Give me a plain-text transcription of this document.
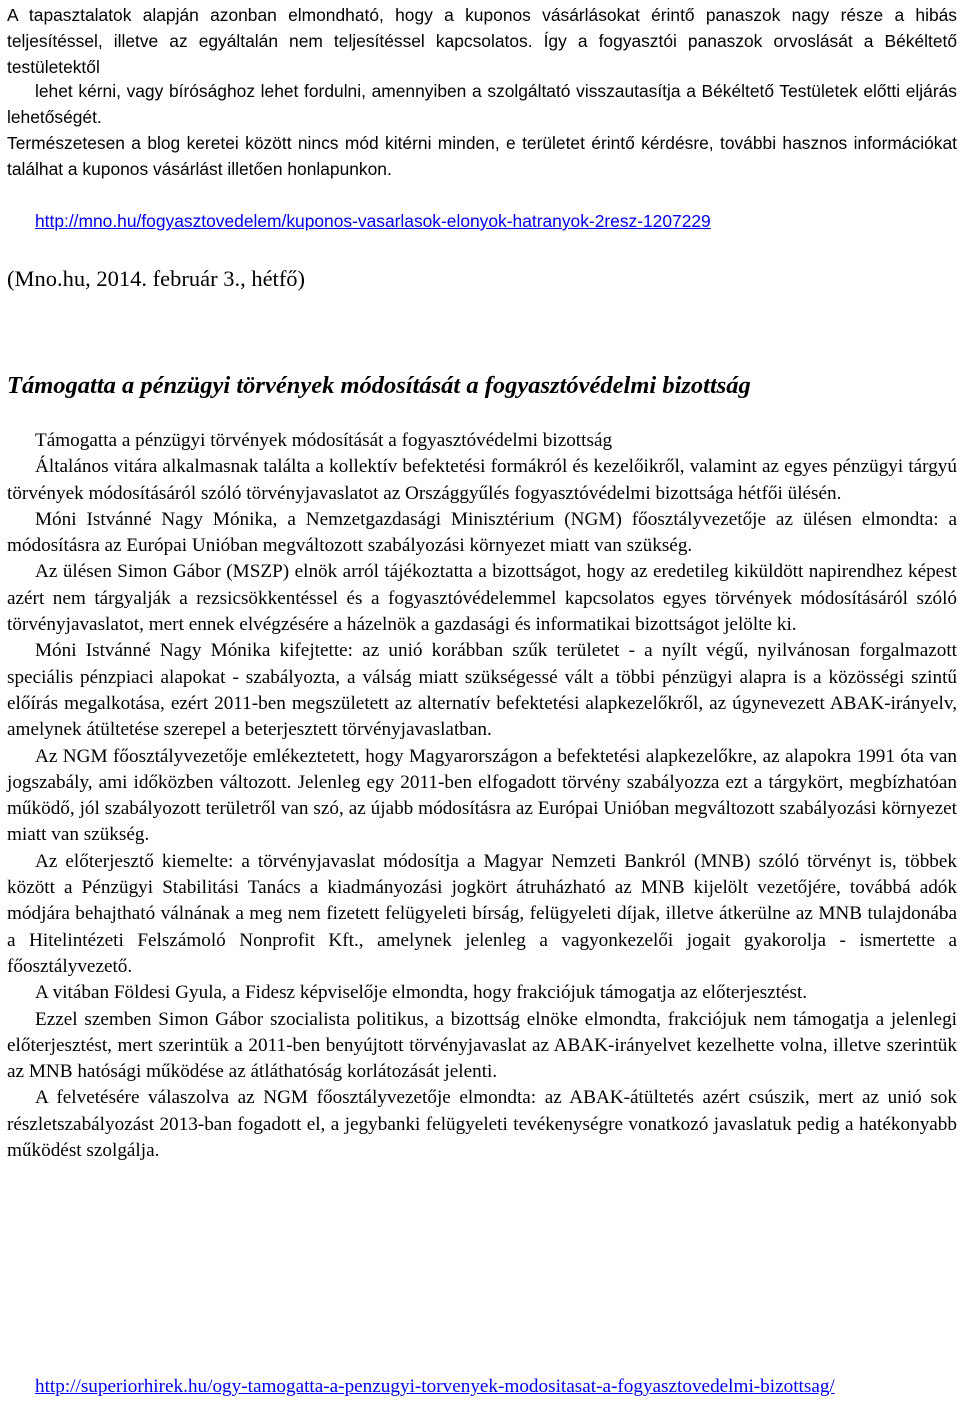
A tapasztalatok alapján azonban elmondható, hogy a kuponos vásárlásokat érintő panaszok nagy része a hibás teljesítéssel, illetve az egyáltalán nem teljesítéssel kapcsolatos. Így a fogyasztói panaszok orvoslását a Békéltető testületektől

lehet kérni, vagy bírósághoz lehet fordulni, amennyiben a szolgáltató visszautasítja a Békéltető Testületek előtti eljárás lehetőségét.

Természetesen a blog keretei között nincs mód kitérni minden, e területet érintő kérdésre, további hasznos információkat találhat a kuponos vásárlást illetően honlapunkon.

http://mno.hu/fogyasztovedelem/kuponos-vasarlasok-elonyok-hatranyok-2resz-1207229

(Mno.hu, 2014. február 3., hétfő)

Támogatta a pénzügyi törvények módosítását a fogyasztóvédelmi bizottság

Támogatta a pénzügyi törvények módosítását a fogyasztóvédelmi bizottság

Általános vitára alkalmasnak találta a kollektív befektetési formákról és kezelőikről, valamint az egyes pénzügyi tárgyú törvények módosításáról szóló törvényjavaslatot az Országgyűlés fogyasztóvédelmi bizottsága hétfői ülésén.

Móni Istvánné Nagy Mónika, a Nemzetgazdasági Minisztérium (NGM) főosztályvezetője az ülésen elmondta: a módosításra az Európai Unióban megváltozott szabályozási környezet miatt van szükség.

Az ülésen Simon Gábor (MSZP) elnök arról tájékoztatta a bizottságot, hogy az eredetileg kiküldött napirendhez képest azért nem tárgyalják a rezsicsökkentéssel és a fogyasztóvédelemmel kapcsolatos egyes törvények módosításáról szóló törvényjavaslatot, mert ennek elvégzésére a házelnök a gazdasági és informatikai bizottságot jelölte ki.

Móni Istvánné Nagy Mónika kifejtette: az unió korábban szűk területet - a nyílt végű, nyilvánosan forgalmazott speciális pénzpiaci alapokat - szabályozta, a válság miatt szükségessé vált a többi pénzügyi alapra is a közösségi szintű előírás megalkotása, ezért 2011-ben megszületett az alternatív befektetési alapkezelőkről, az úgynevezett ABAK-irányelv, amelynek átültetése szerepel a beterjesztett törvényjavaslatban.

Az NGM főosztályvezetője emlékeztetett, hogy Magyarországon a befektetési alapkezelőkre, az alapokra 1991 óta van jogszabály, ami időközben változott. Jelenleg egy 2011-ben elfogadott törvény szabályozza ezt a tárgykört, megbízhatóan működő, jól szabályozott területről van szó, az újabb módosításra az Európai Unióban megváltozott szabályozási környezet miatt van szükség.

Az előterjesztő kiemelte: a törvényjavaslat módosítja a Magyar Nemzeti Bankról (MNB) szóló törvényt is, többek között a Pénzügyi Stabilitási Tanács a kiadmányozási jogkört átruházható az MNB kijelölt vezetőjére, továbbá adók módjára behajtható válnának a meg nem fizetett felügyeleti bírság, felügyeleti díjak, illetve átkerülne az MNB tulajdonába a Hitelintézeti Felszámoló Nonprofit Kft., amelynek jelenleg a vagyonkezelői jogait gyakorolja - ismertette a főosztályvezető.

A vitában Földesi Gyula, a Fidesz képviselője elmondta, hogy frakciójuk támogatja az előterjesztést.

Ezzel szemben Simon Gábor szocialista politikus, a bizottság elnöke elmondta, frakciójuk nem támogatja a jelenlegi előterjesztést, mert szerintük a 2011-ben benyújtott törvényjavaslat az ABAK-irányelvet kezelhette volna, illetve szerintük az MNB hatósági működése az átláthatóság korlátozását jelenti.

A felvetésére válaszolva az NGM főosztályvezetője elmondta: az ABAK-átültetés azért csúszik, mert az unió sok részletszabályozást 2013-ban fogadott el, a jegybanki felügyeleti tevékenységre vonatkozó javaslatuk pedig a hatékonyabb működést szolgálja.

http://superiorhirek.hu/ogy-tamogatta-a-penzugyi-torvenyek-modositasat-a-fogyasztovedelmi-bizottsag/
